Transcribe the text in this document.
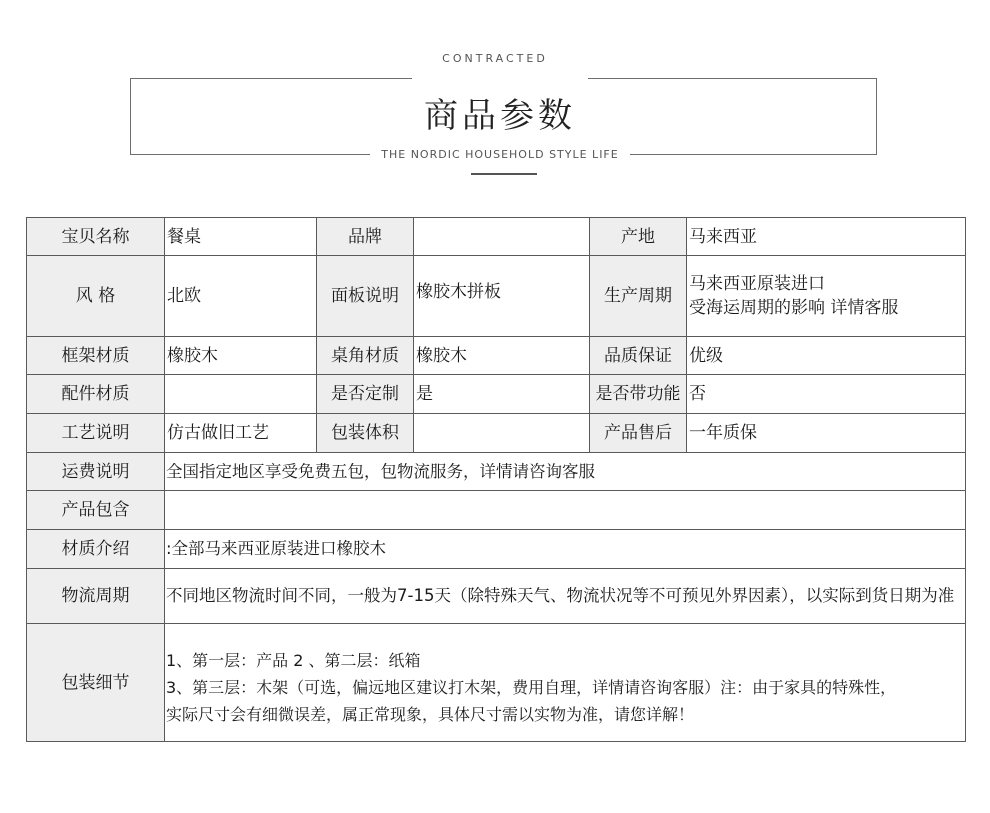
CONTRACTED
商品参数
THE NORDIC HOUSEHOLD STYLE LIFE
宝贝名称	餐桌	品牌		产地	马来西亚
风 格	北欧	面板说明	橡胶木拼板	生产周期	马来西亚原装进口
受海运周期的影响 详情客服

框架材质	橡胶木	桌角材质	橡胶木	品质保证	优级
配件材质		是否定制	是	是否带功能	否
工艺说明	仿古做旧工艺	包装体积		产品售后	一年质保
运费说明	全国指定地区享受免费五包，包物流服务，详情请咨询客服				
产品包含					
材质介绍	:全部马来西亚原装进口橡胶木				
物流周期	不同地区物流时间不同，一般为7-15天（除特殊天气、物流状况等不可预见外界因素），以实际到货日期为准				
包装细节	1、第一层：产品 2 、第二层：纸箱
3、第三层：木架（可选，偏远地区建议打木架，费用自理，详情请咨询客服）注：由于家具的特殊性，
实际尺寸会有细微误差，属正常现象，具体尺寸需以实物为准，请您详解！				
